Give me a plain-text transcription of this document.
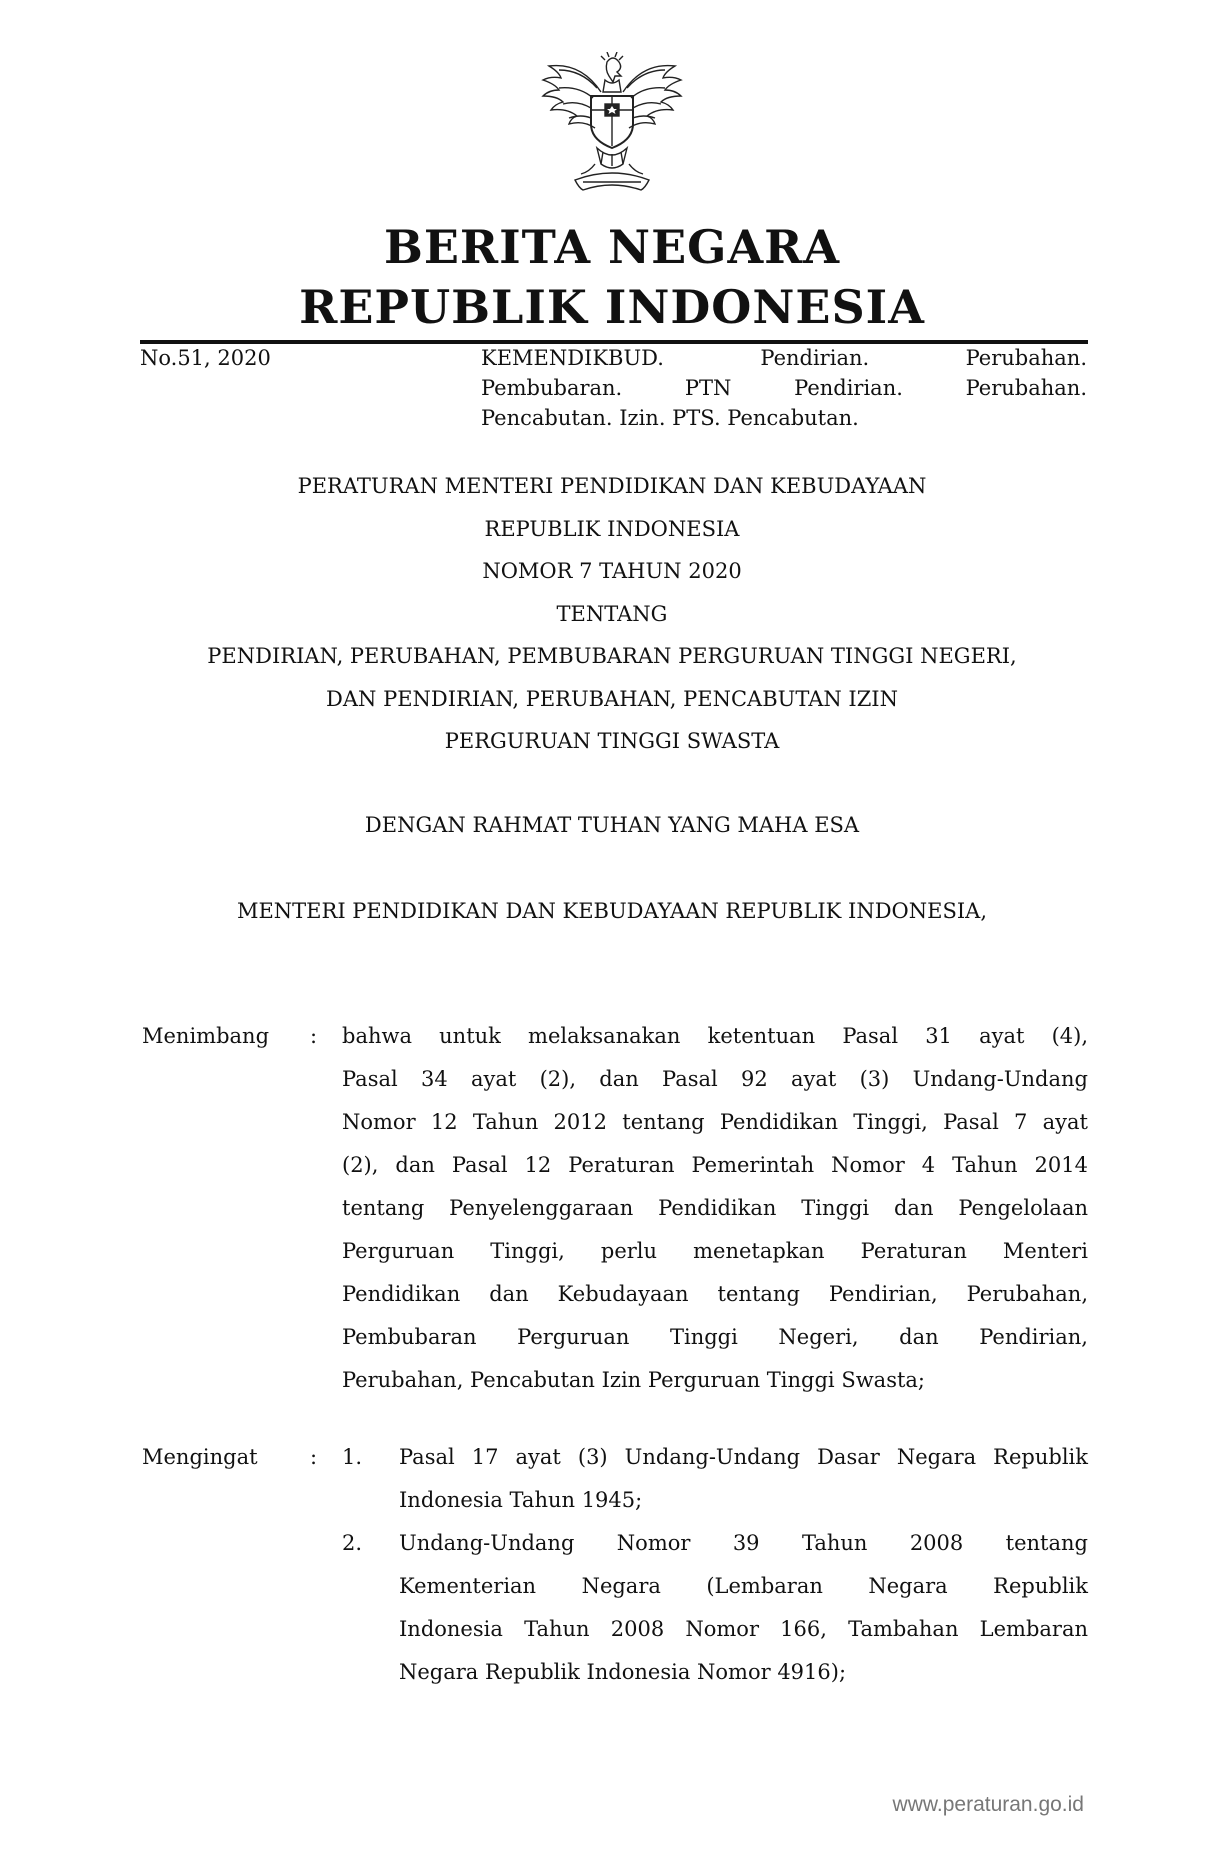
BERITA NEGARA
REPUBLIK INDONESIA
No.51, 2020	KEMENDIKBUD. Pendirian. Perubahan.
Pembubaran. PTN Pendirian. Perubahan.
Pencabutan. Izin. PTS. Pencabutan.
PERATURAN MENTERI PENDIDIKAN DAN KEBUDAYAAN
REPUBLIK INDONESIA
NOMOR 7 TAHUN 2020
TENTANG
PENDIRIAN, PERUBAHAN, PEMBUBARAN PERGURUAN TINGGI NEGERI,
DAN PENDIRIAN, PERUBAHAN, PENCABUTAN IZIN
PERGURUAN TINGGI SWASTA
DENGAN RAHMAT TUHAN YANG MAHA ESA
MENTERI PENDIDIKAN DAN KEBUDAYAAN REPUBLIK INDONESIA,
Menimbang : bahwa untuk melaksanakan ketentuan Pasal 31 ayat (4),
Pasal 34 ayat (2), dan Pasal 92 ayat (3) Undang-Undang
Nomor 12 Tahun 2012 tentang Pendidikan Tinggi, Pasal 7 ayat
(2), dan Pasal 12 Peraturan Pemerintah Nomor 4 Tahun 2014
tentang Penyelenggaraan Pendidikan Tinggi dan Pengelolaan
Perguruan Tinggi, perlu menetapkan Peraturan Menteri
Pendidikan dan Kebudayaan tentang Pendirian, Perubahan,
Pembubaran Perguruan Tinggi Negeri, dan Pendirian,
Perubahan, Pencabutan Izin Perguruan Tinggi Swasta;
Mengingat : 1. Pasal 17 ayat (3) Undang-Undang Dasar Negara Republik
Indonesia Tahun 1945;
2. Undang-Undang Nomor 39 Tahun 2008 tentang
Kementerian Negara (Lembaran Negara Republik
Indonesia Tahun 2008 Nomor 166, Tambahan Lembaran
Negara Republik Indonesia Nomor 4916);
www.peraturan.go.id
